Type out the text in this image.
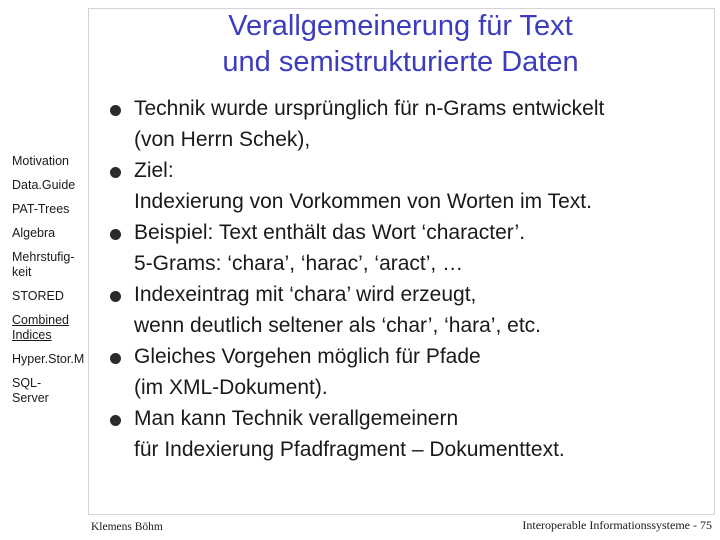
Verallgemeinerung für Text
und semistrukturierte Daten
Motivation
Data.Guide
PAT-Trees
Algebra
Mehrstufig-
keit
STORED
Combined
Indices
Hyper.Stor.M
SQL-
Server
Technik wurde ursprünglich für n-Grams entwickelt
(von Herrn Schek),
Ziel:
Indexierung von Vorkommen von Worten im Text.
Beispiel: Text enthält das Wort ‘character’.
5-Grams: ‘chara’, ‘harac’, ‘aract’, …
Indexeintrag mit ‘chara’ wird erzeugt,
wenn deutlich seltener als ‘char’, ‘hara’, etc.
Gleiches Vorgehen möglich für Pfade
(im XML-Dokument).
Man kann Technik verallgemeinern
für Indexierung Pfadfragment – Dokumenttext.
Klemens Böhm	Interoperable Informationssysteme - 75
